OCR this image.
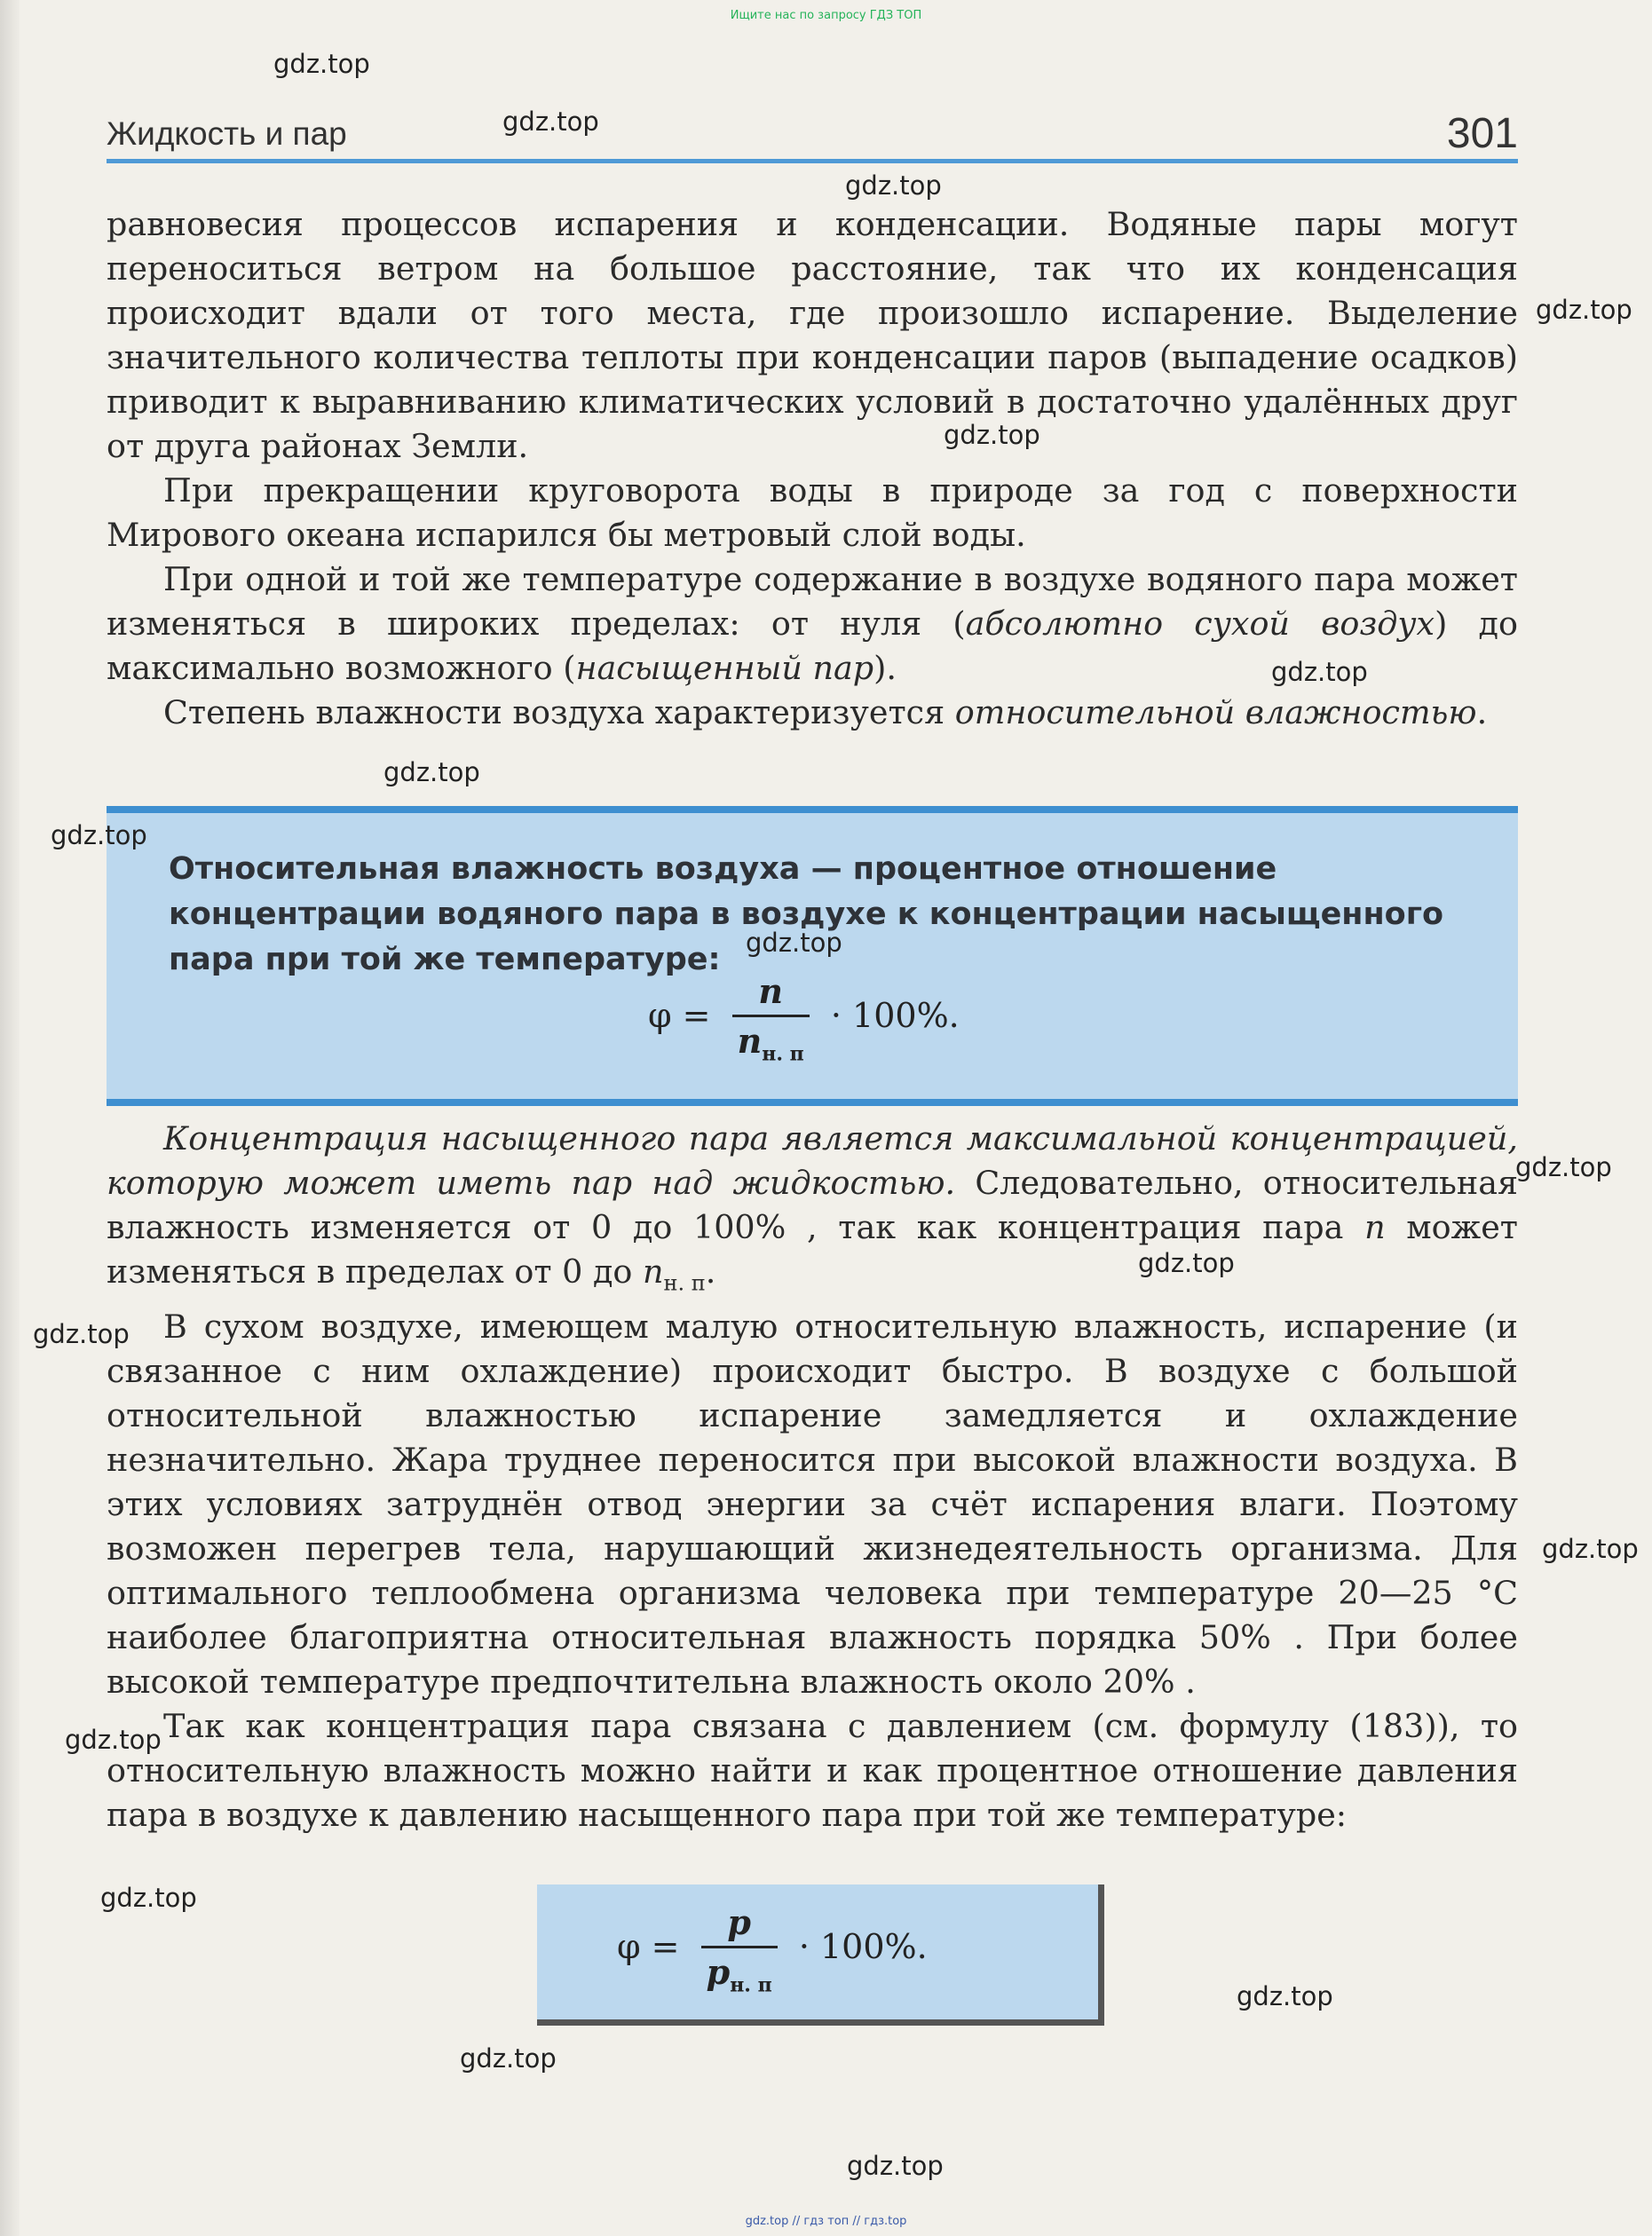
Ищите нас по запросу ГДЗ ТОП
Жидкость и пар	301

равновесия процессов испарения и конденсации. Водяные пары могут переноситься ветром на большое расстояние, так что их конденсация происходит вдали от того места, где произошло испарение. Выделение значительного количества теплоты при конденсации паров (выпадение осадков) приводит к выравниванию климатических условий в достаточно удалённых друг от друга районах Земли.

При прекращении круговорота воды в природе за год с поверхности Мирового океана испарился бы метровый слой воды.

При одной и той же температуре содержание в воздухе водяного пара может изменяться в широких пределах: от нуля (абсолютно сухой воздух) до максимально возможного (насыщенный пар).

Степень влажности воздуха характеризуется относительной влажностью.

Относительная влажность воздуха — процентное отношение концентрации водяного пара в воздухе к концентрации насыщенного пара при той же температуре:
$\varphi = \frac{n}{n_{н. п}} \cdot 100\%$.

Концентрация насыщенного пара является максимальной концентрацией, которую может иметь пар над жидкостью. Следовательно, относительная влажность изменяется от 0 до 100% , так как концентрация пара n может изменяться в пределах от 0 до $n_{н. п}$.

В сухом воздухе, имеющем малую относительную влажность, испарение (и связанное с ним охлаждение) происходит быстро. В воздухе с большой относительной влажностью испарение замедляется и охлаждение незначительно. Жара труднее переносится при высокой влажности воздуха. В этих условиях затруднён отвод энергии за счёт испарения влаги. Поэтому возможен перегрев тела, нарушающий жизнедеятельность организма. Для оптимального теплообмена организма человека при температуре 20—25 °С наиболее благоприятна относительная влажность порядка 50% . При более высокой температуре предпочтительна влажность около 20% .

Так как концентрация пара связана с давлением (см. формулу (183)), то относительную влажность можно найти и как процентное отношение давления пара в воздухе к давлению насыщенного пара при той же температуре:

$\varphi = \frac{p}{p_{н. п}} \cdot 100\%$.
gdz.top
gdz.top
gdz.top
gdz.top
gdz.top
gdz.top
gdz.top
gdz.top
gdz.top
gdz.top
gdz.top
gdz.top
gdz.top
gdz.top
gdz.top
gdz.top
gdz.top
gdz.top
gdz.top // гдз топ // гдз.top
